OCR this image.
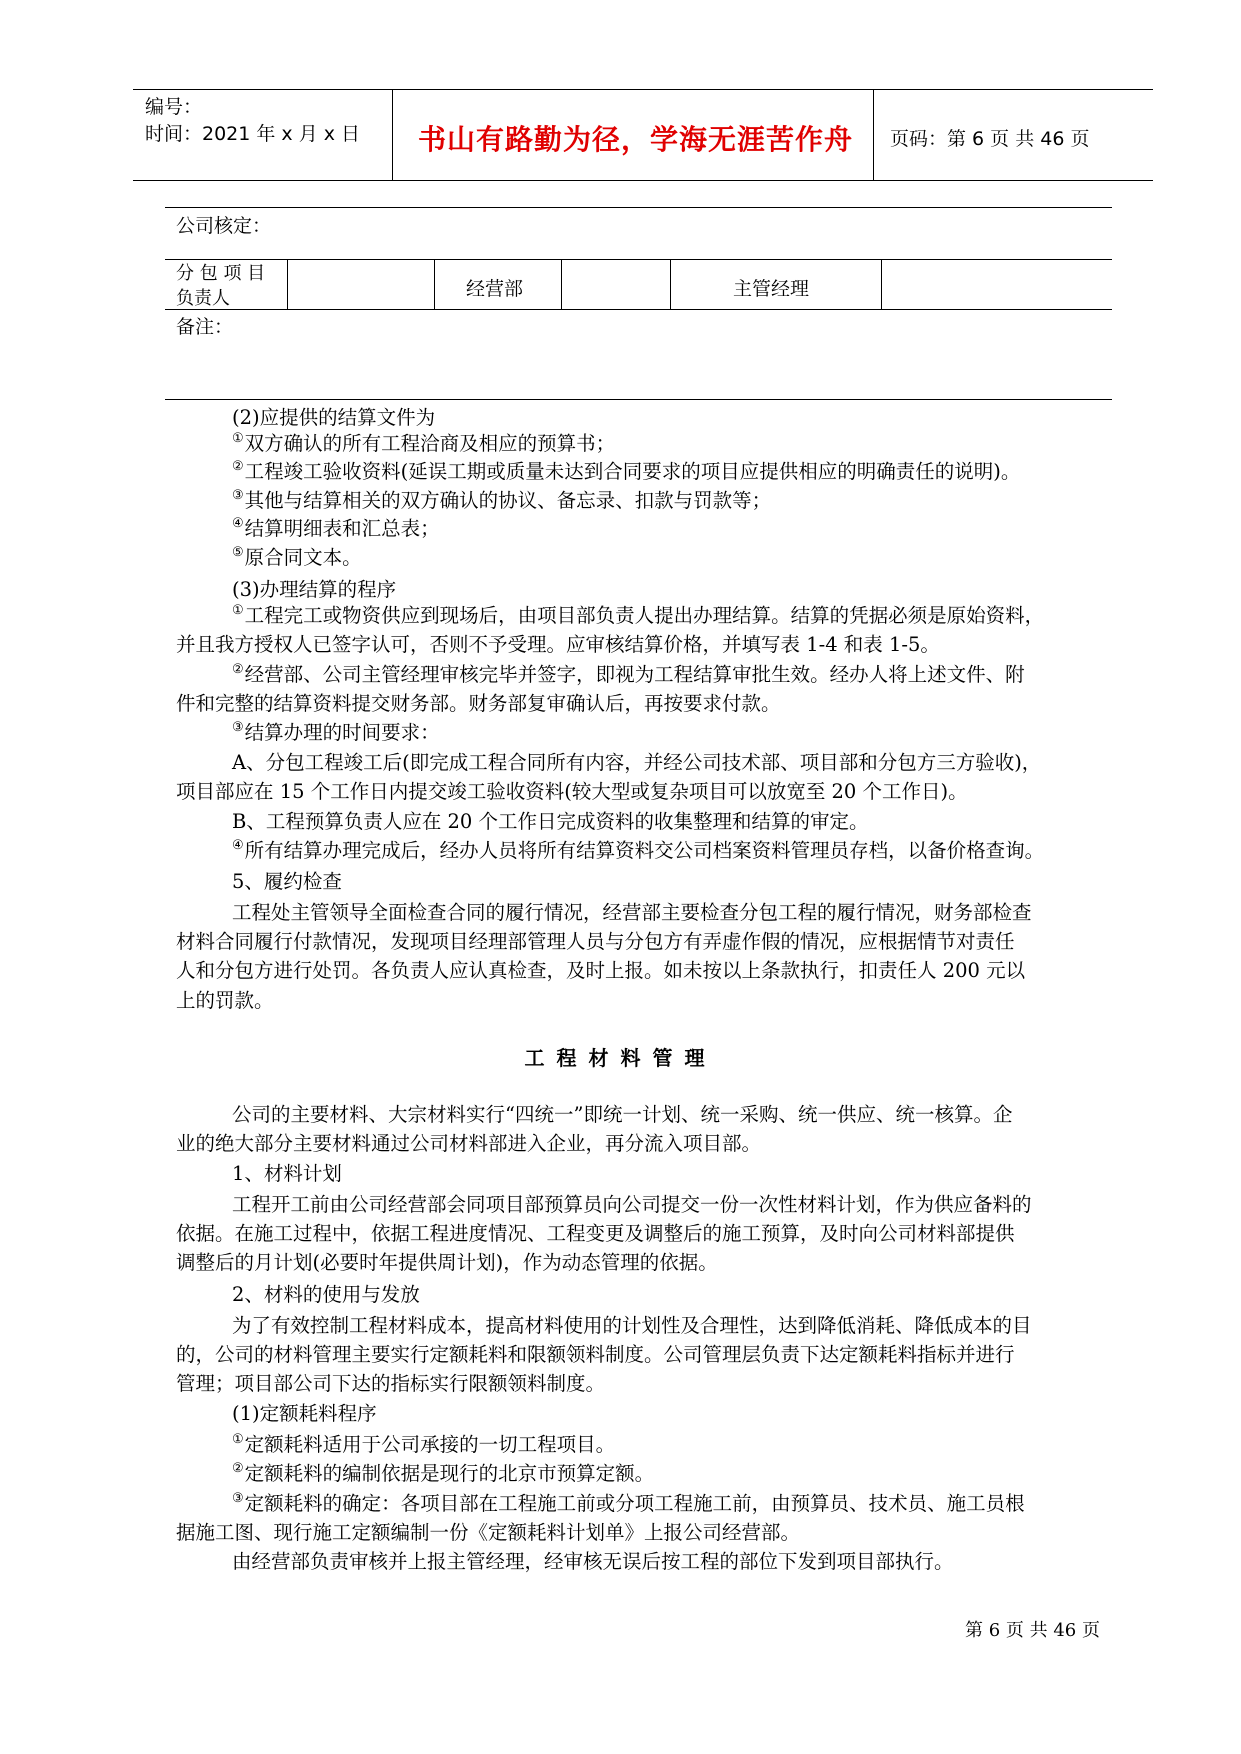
编号：
时间：2021 年 x 月 x 日 书山有路勤为径，学海无涯苦作舟 页码：第 6 页 共 46 页
公司核定：
分 包 项 目
负责人	经营部	主管经理
备注：
(2)应提供的结算文件为
①双方确认的所有工程洽商及相应的预算书；
②工程竣工验收资料(延误工期或质量未达到合同要求的项目应提供相应的明确责任的说明)。
③其他与结算相关的双方确认的协议、备忘录、扣款与罚款等；
④结算明细表和汇总表；
⑤原合同文本。
(3)办理结算的程序
①工程完工或物资供应到现场后，由项目部负责人提出办理结算。结算的凭据必须是原始资料，
并且我方授权人已签字认可，否则不予受理。应审核结算价格，并填写表 1-4 和表 1-5。
②经营部、公司主管经理审核完毕并签字，即视为工程结算审批生效。经办人将上述文件、附
件和完整的结算资料提交财务部。财务部复审确认后，再按要求付款。
③结算办理的时间要求：
A、分包工程竣工后(即完成工程合同所有内容，并经公司技术部、项目部和分包方三方验收)，
项目部应在 15 个工作日内提交竣工验收资料(较大型或复杂项目可以放宽至 20 个工作日)。
B、工程预算负责人应在 20 个工作日完成资料的收集整理和结算的审定。
④所有结算办理完成后，经办人员将所有结算资料交公司档案资料管理员存档，以备价格查询。
5、履约检查
工程处主管领导全面检查合同的履行情况，经营部主要检查分包工程的履行情况，财务部检查
材料合同履行付款情况，发现项目经理部管理人员与分包方有弄虚作假的情况，应根据情节对责任
人和分包方进行处罚。各负责人应认真检查，及时上报。如未按以上条款执行，扣责任人 200 元以
上的罚款。
工程材料管理
公司的主要材料、大宗材料实行“四统一”即统一计划、统一采购、统一供应、统一核算。企
业的绝大部分主要材料通过公司材料部进入企业，再分流入项目部。
1、材料计划
工程开工前由公司经营部会同项目部预算员向公司提交一份一次性材料计划，作为供应备料的
依据。在施工过程中，依据工程进度情况、工程变更及调整后的施工预算，及时向公司材料部提供
调整后的月计划(必要时年提供周计划)，作为动态管理的依据。
2、材料的使用与发放
为了有效控制工程材料成本，提高材料使用的计划性及合理性，达到降低消耗、降低成本的目
的，公司的材料管理主要实行定额耗料和限额领料制度。公司管理层负责下达定额耗料指标并进行
管理；项目部公司下达的指标实行限额领料制度。
(1)定额耗料程序
①定额耗料适用于公司承接的一切工程项目。
②定额耗料的编制依据是现行的北京市预算定额。
③定额耗料的确定：各项目部在工程施工前或分项工程施工前，由预算员、技术员、施工员根
据施工图、现行施工定额编制一份《定额耗料计划单》上报公司经营部。
由经营部负责审核并上报主管经理，经审核无误后按工程的部位下发到项目部执行。
第 6 页 共 46 页
